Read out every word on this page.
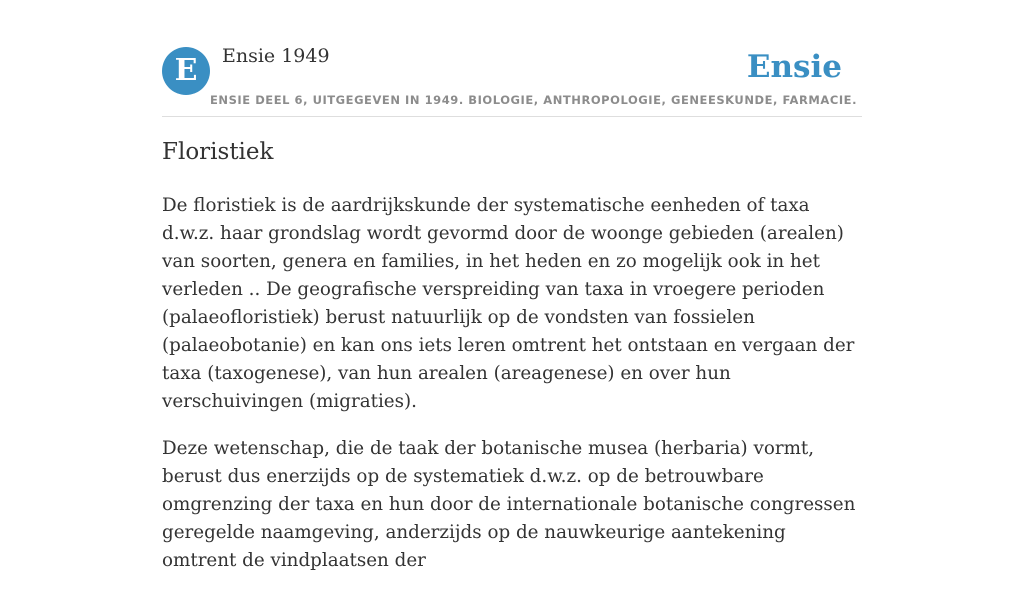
E	Ensie 1949	Ensie
ENSIE DEEL 6, UITGEGEVEN IN 1949. BIOLOGIE, ANTHROPOLOGIE, GENEESKUNDE, FARMACIE.
Floristiek

De floristiek is de aardrijkskunde der systematische eenheden of taxa d.w.z. haar grondslag wordt gevormd door de woonge gebieden (arealen) van soorten, genera en families, in het heden en zo mogelijk ook in het verleden .. De geografische verspreiding van taxa in vroegere perioden (palaeofloristiek) berust natuurlijk op de vondsten van fossielen (palaeobotanie) en kan ons iets leren omtrent het ontstaan en vergaan der taxa (taxogenese), van hun arealen (areagenese) en over hun verschuivingen (migraties).

Deze wetenschap, die de taak der botanische musea (herbaria) vormt, berust dus enerzijds op de systematiek d.w.z. op de betrouwbare omgrenzing der taxa en hun door de internationale botanische congressen geregelde naamgeving, anderzijds op de nauwkeurige aantekening omtrent de vindplaatsen der
